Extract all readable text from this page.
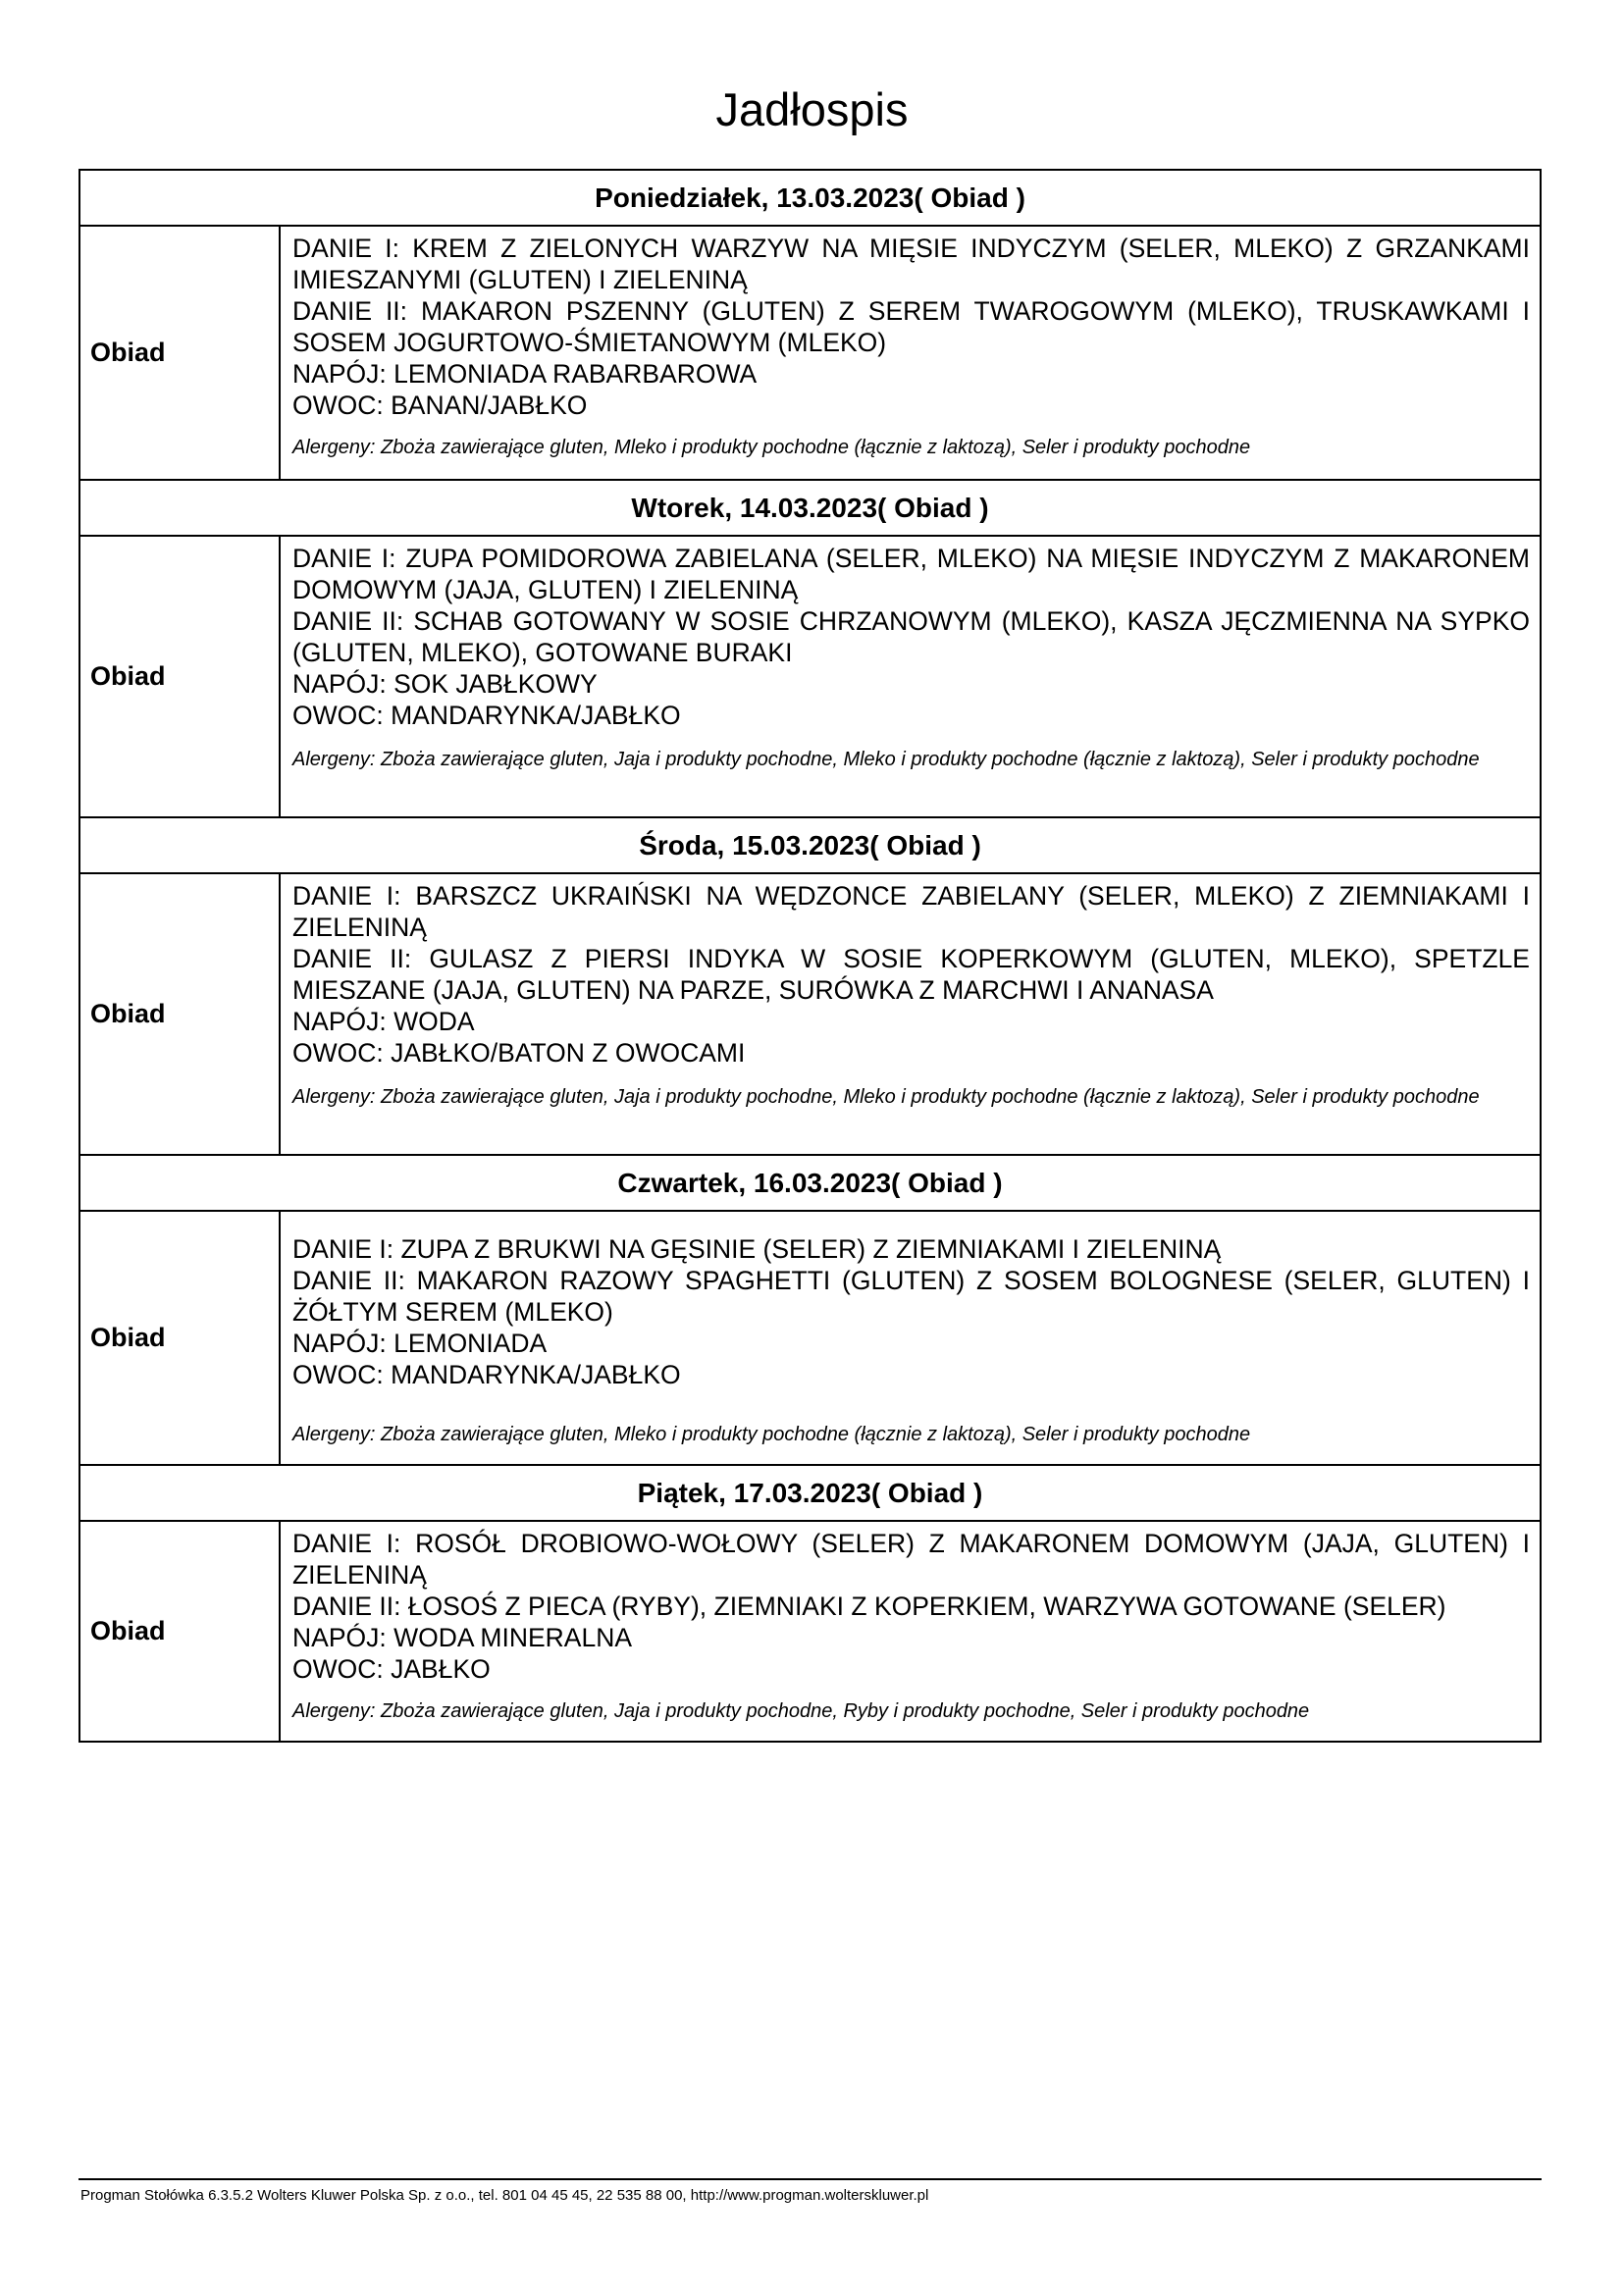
Jadłospis
Poniedziałek, 13.03.2023( Obiad )	
Obiad	DANIE I: KREM Z ZIELONYCH WARZYW NA MIĘSIE INDYCZYM (SELER, MLEKO) Z GRZANKAMI IMIESZANYMI (GLUTEN) I ZIELENINĄ

DANIE II: MAKARON PSZENNY (GLUTEN) Z SEREM TWAROGOWYM (MLEKO), TRUSKAWKAMI I SOSEM JOGURTOWO-ŚMIETANOWYM (MLEKO)

NAPÓJ: LEMONIADA RABARBAROWA

OWOC: BANAN/JABŁKO

Alergeny: Zboża zawierające gluten, Mleko i produkty pochodne (łącznie z laktozą), Seler i produkty pochodne

Wtorek, 14.03.2023( Obiad )	
Obiad	DANIE I: ZUPA POMIDOROWA ZABIELANA (SELER, MLEKO) NA MIĘSIE INDYCZYM Z MAKARONEM DOMOWYM (JAJA, GLUTEN) I ZIELENINĄ

DANIE II: SCHAB GOTOWANY W SOSIE CHRZANOWYM (MLEKO), KASZA JĘCZMIENNA NA SYPKO (GLUTEN, MLEKO), GOTOWANE BURAKI

NAPÓJ: SOK JABŁKOWY

OWOC: MANDARYNKA/JABŁKO

Alergeny: Zboża zawierające gluten, Jaja i produkty pochodne, Mleko i produkty pochodne (łącznie z laktozą), Seler i produkty pochodne

Środa, 15.03.2023( Obiad )	
Obiad	DANIE I: BARSZCZ UKRAIŃSKI NA WĘDZONCE ZABIELANY (SELER, MLEKO) Z ZIEMNIAKAMI I ZIELENINĄ

DANIE II: GULASZ Z PIERSI INDYKA W SOSIE KOPERKOWYM (GLUTEN, MLEKO), SPETZLE MIESZANE (JAJA, GLUTEN) NA PARZE, SURÓWKA Z MARCHWI I ANANASA

NAPÓJ: WODA

OWOC: JABŁKO/BATON Z OWOCAMI

Alergeny: Zboża zawierające gluten, Jaja i produkty pochodne, Mleko i produkty pochodne (łącznie z laktozą), Seler i produkty pochodne

Czwartek, 16.03.2023( Obiad )	
Obiad	DANIE I: ZUPA Z BRUKWI NA GĘSINIE (SELER) Z ZIEMNIAKAMI I ZIELENINĄ

DANIE II: MAKARON RAZOWY SPAGHETTI (GLUTEN) Z SOSEM BOLOGNESE (SELER, GLUTEN) I ŻÓŁTYM SEREM (MLEKO)

NAPÓJ: LEMONIADA

OWOC: MANDARYNKA/JABŁKO

Alergeny: Zboża zawierające gluten, Mleko i produkty pochodne (łącznie z laktozą), Seler i produkty pochodne

Piątek, 17.03.2023( Obiad )	
Obiad	DANIE I: ROSÓŁ DROBIOWO-WOŁOWY (SELER) Z MAKARONEM DOMOWYM (JAJA, GLUTEN) I ZIELENINĄ

DANIE II: ŁOSOŚ Z PIECA (RYBY), ZIEMNIAKI Z KOPERKIEM, WARZYWA GOTOWANE (SELER)

NAPÓJ: WODA MINERALNA

OWOC: JABŁKO

Alergeny: Zboża zawierające gluten, Jaja i produkty pochodne, Ryby i produkty pochodne, Seler i produkty pochodne

Progman Stołówka 6.3.5.2 Wolters Kluwer Polska Sp. z o.o., tel. 801 04 45 45, 22 535 88 00, http://www.progman.wolterskluwer.pl
